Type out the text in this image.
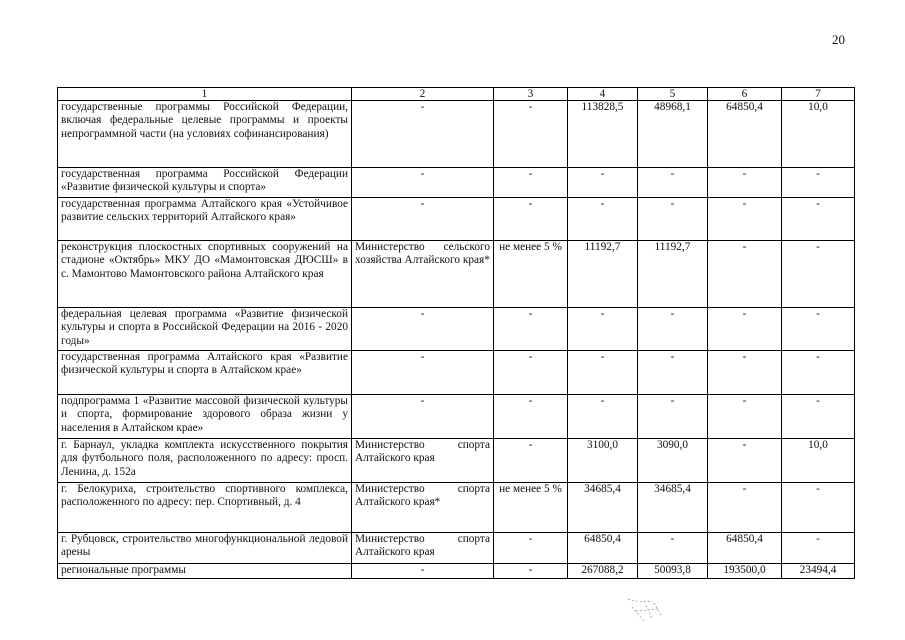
20
1	2	3	4	5	6	7
государственные программы Российской Федерации, включая федеральные целевые программы и проекты непрограммной части (на условиях софинансирования)	-	-	113828,5	48968,1	64850,4	10,0
государственная программа Российской Федерации «Развитие физической культуры и спорта»	-	-	-	-	-	-
государственная программа Алтайского края «Устойчивое развитие сельских территорий Алтайского края»	-	-	-	-	-	-
реконструкция плоскостных спортивных сооружений на стадионе «Октябрь» МКУ ДО «Мамонтовская ДЮСШ» в с. Мамонтово Мамонтовского района Алтайского края	Министерство сельского хозяйства Алтайского края*	не менее 5 %	11192,7	11192,7	-	-
федеральная целевая программа «Развитие физической культуры и спорта в Российской Федерации на 2016 - 2020 годы»	-	-	-	-	-	-
государственная программа Алтайского края «Развитие физической культуры и спорта в Алтайском крае»	-	-	-	-	-	-
подпрограмма 1 «Развитие массовой физической культуры и спорта, формирование здорового образа жизни у населения в Алтайском крае»	-	-	-	-	-	-
г. Барнаул, укладка комплекта искусственного покрытия для футбольного поля, расположенного по адресу: просп. Ленина, д. 152а	Министерство спорта Алтайского края	-	3100,0	3090,0	-	10,0
г. Белокуриха, строительство спортивного комплекса, расположенного по адресу: пер. Спортивный, д. 4	Министерство спорта Алтайского края*	не менее 5 %	34685,4	34685,4	-	-
г. Рубцовск, строительство многофункциональной ледовой арены	Министерство спорта Алтайского края	-	64850,4	-	64850,4	-
региональные программы	-	-	267088,2	50093,8	193500,0	23494,4
